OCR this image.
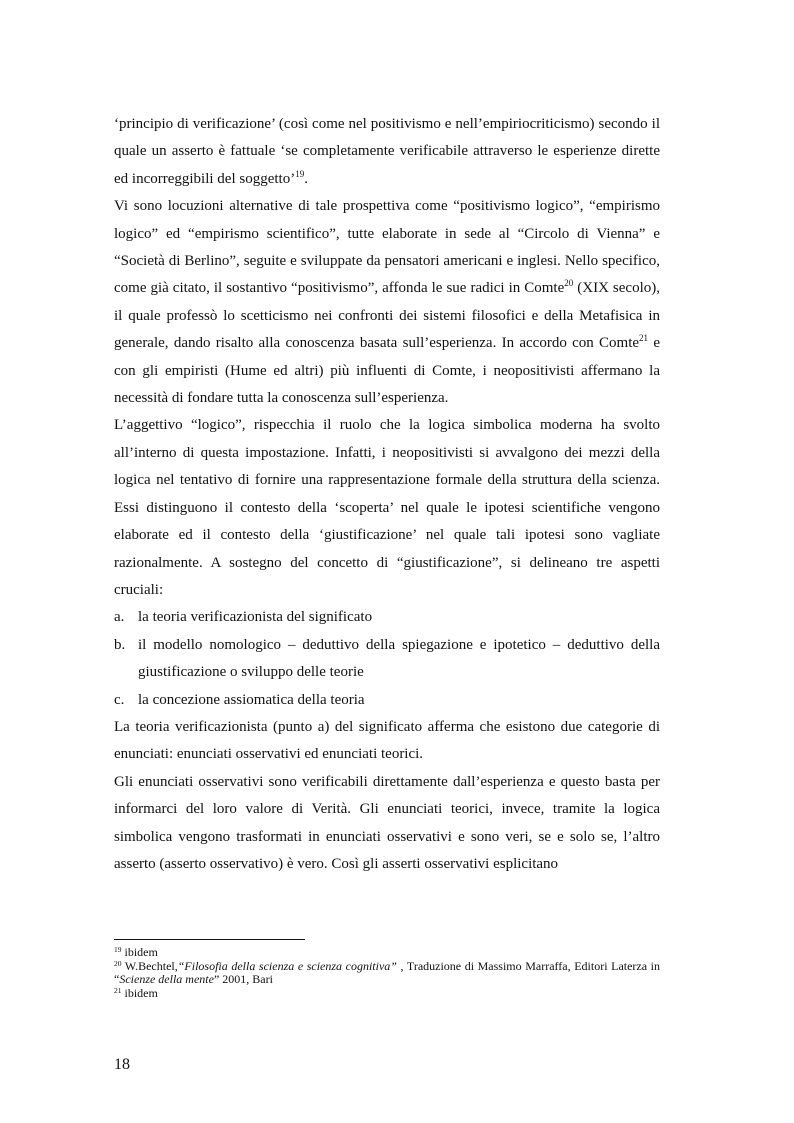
‘principio di verificazione’ (così come nel positivismo e nell’empiriocriticismo) secondo il quale un asserto è fattuale ‘se completamente verificabile attraverso le esperienze dirette ed incorreggibili del soggetto’$^{19}$.

Vi sono locuzioni alternative di tale prospettiva come “positivismo logico”, “empirismo logico” ed “empirismo scientifico”, tutte elaborate in sede al “Circolo di Vienna” e “Società di Berlino”, seguite e sviluppate da pensatori americani e inglesi. Nello specifico, come già citato, il sostantivo “positivismo”, affonda le sue radici in Comte$^{20}$ (XIX secolo), il quale professò lo scetticismo nei confronti dei sistemi filosofici e della Metafisica in generale, dando risalto alla conoscenza basata sull’esperienza. In accordo con Comte$^{21}$ e con gli empiristi (Hume ed altri) più influenti di Comte, i neopositivisti affermano la necessità di fondare tutta la conoscenza sull’esperienza.

L’aggettivo “logico”, rispecchia il ruolo che la logica simbolica moderna ha svolto all’interno di questa impostazione. Infatti, i neopositivisti si avvalgono dei mezzi della logica nel tentativo di fornire una rappresentazione formale della struttura della scienza. Essi distinguono il contesto della ‘scoperta’ nel quale le ipotesi scientifiche vengono elaborate ed il contesto della ‘giustificazione’ nel quale tali ipotesi sono vagliate razionalmente. A sostegno del concetto di “giustificazione”, si delineano tre aspetti cruciali:

a. la teoria verificazionista del significato
b. il modello nomologico – deduttivo della spiegazione e ipotetico – deduttivo della giustificazione o sviluppo delle teorie
c. la concezione assiomatica della teoria

La teoria verificazionista (punto a) del significato afferma che esistono due categorie di enunciati: enunciati osservativi ed enunciati teorici.

Gli enunciati osservativi sono verificabili direttamente dall’esperienza e questo basta per informarci del loro valore di Verità. Gli enunciati teorici, invece, tramite la logica simbolica vengono trasformati in enunciati osservativi e sono veri, se e solo se, l’altro asserto (asserto osservativo) è vero. Così gli asserti osservativi esplicitano

$^{19}$ ibidem

$^{20}$ W.Bechtel,“Filosofia della scienza e scienza cognitiva” , Traduzione di Massimo Marraffa, Editori Laterza in “Scienze della mente” 2001, Bari

$^{21}$ ibidem

18
